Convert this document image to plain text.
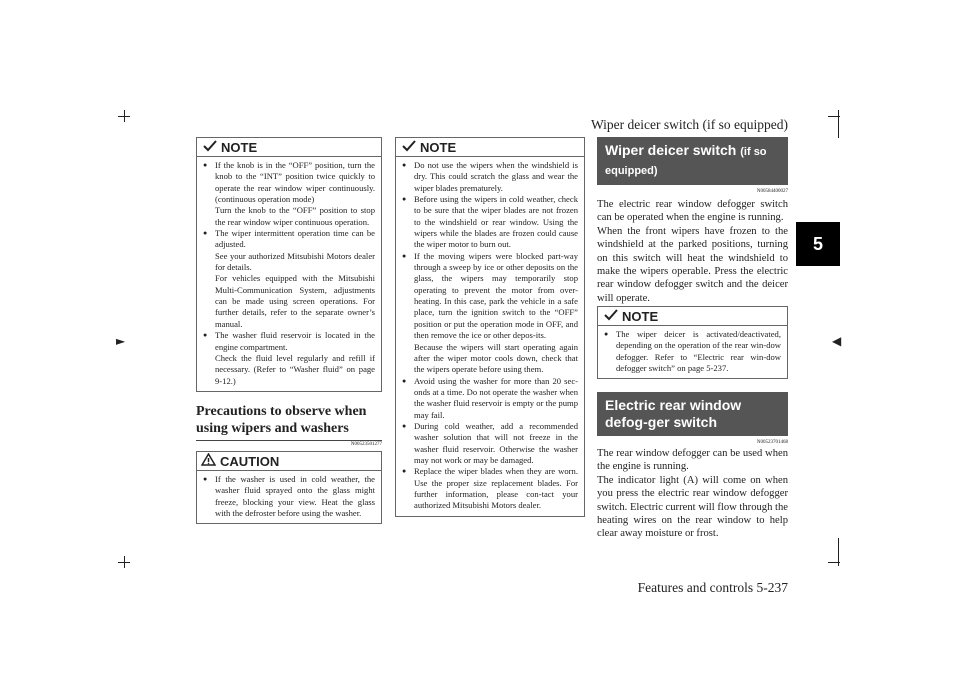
►	◀
Wiper deicer switch (if so equipped)
Features and controls 5-237
5
NOTE
● If the knob is in the “OFF” position, turn the knob to the “INT” position twice quickly to operate the rear window wiper continuously. (continuous operation mode)
Turn the knob to the “OFF” position to stop the rear window wiper continuous operation.
● The wiper intermittent operation time can be adjusted.
See your authorized Mitsubishi Motors dealer for details.
For vehicles equipped with the Mitsubishi Multi-Communication System, adjustments can be made using screen operations. For further details, refer to the separate owner’s manual.
● The washer fluid reservoir is located in the engine compartment.
Check the fluid level regularly and refill if necessary. (Refer to “Washer fluid” on page 9-12.)
Precautions to observe when using wipers and washers
N00523501277
CAUTION
● If the washer is used in cold weather, the washer fluid sprayed onto the glass might freeze, blocking your view. Heat the glass with the defroster before using the washer.
NOTE
● Do not use the wipers when the windshield is dry. This could scratch the glass and wear the wiper blades prematurely.
● Before using the wipers in cold weather, check to be sure that the wiper blades are not frozen to the windshield or rear window. Using the wipers while the blades are frozen could cause the wiper motor to burn out.
● If the moving wipers were blocked part-way through a sweep by ice or other deposits on the glass, the wipers may temporarily stop operating to prevent the motor from over-heating. In this case, park the vehicle in a safe place, turn the ignition switch to the “OFF” position or put the operation mode in OFF, and then remove the ice or other depos-its.
Because the wipers will start operating again after the wiper motor cools down, check that the wipers operate before using them.
● Avoid using the washer for more than 20 sec-onds at a time. Do not operate the washer when the washer fluid reservoir is empty or the pump may fail.
● During cold weather, add a recommended washer solution that will not freeze in the washer fluid reservoir. Otherwise the washer may not work or may be damaged.
● Replace the wiper blades when they are worn. Use the proper size replacement blades. For further information, please con-tact your authorized Mitsubishi Motors dealer.
Wiper deicer switch (if so equipped)
N00584400027
The electric rear window defogger switch can be operated when the engine is running.
When the front wipers have frozen to the windshield at the parked positions, turning on this switch will heat the windshield to make the wipers operable. Press the electric rear window defogger switch and the deicer will operate.
NOTE
● The wiper deicer is activated/deactivated, depending on the operation of the rear win-dow defogger. Refer to “Electric rear win-dow defogger switch” on page 5-237.
Electric rear window defog-ger switch
N00523701468
The rear window defogger can be used when the engine is running.
The indicator light (A) will come on when you press the electric rear window defogger switch. Electric current will flow through the heating wires on the rear window to help clear away moisture or frost.
